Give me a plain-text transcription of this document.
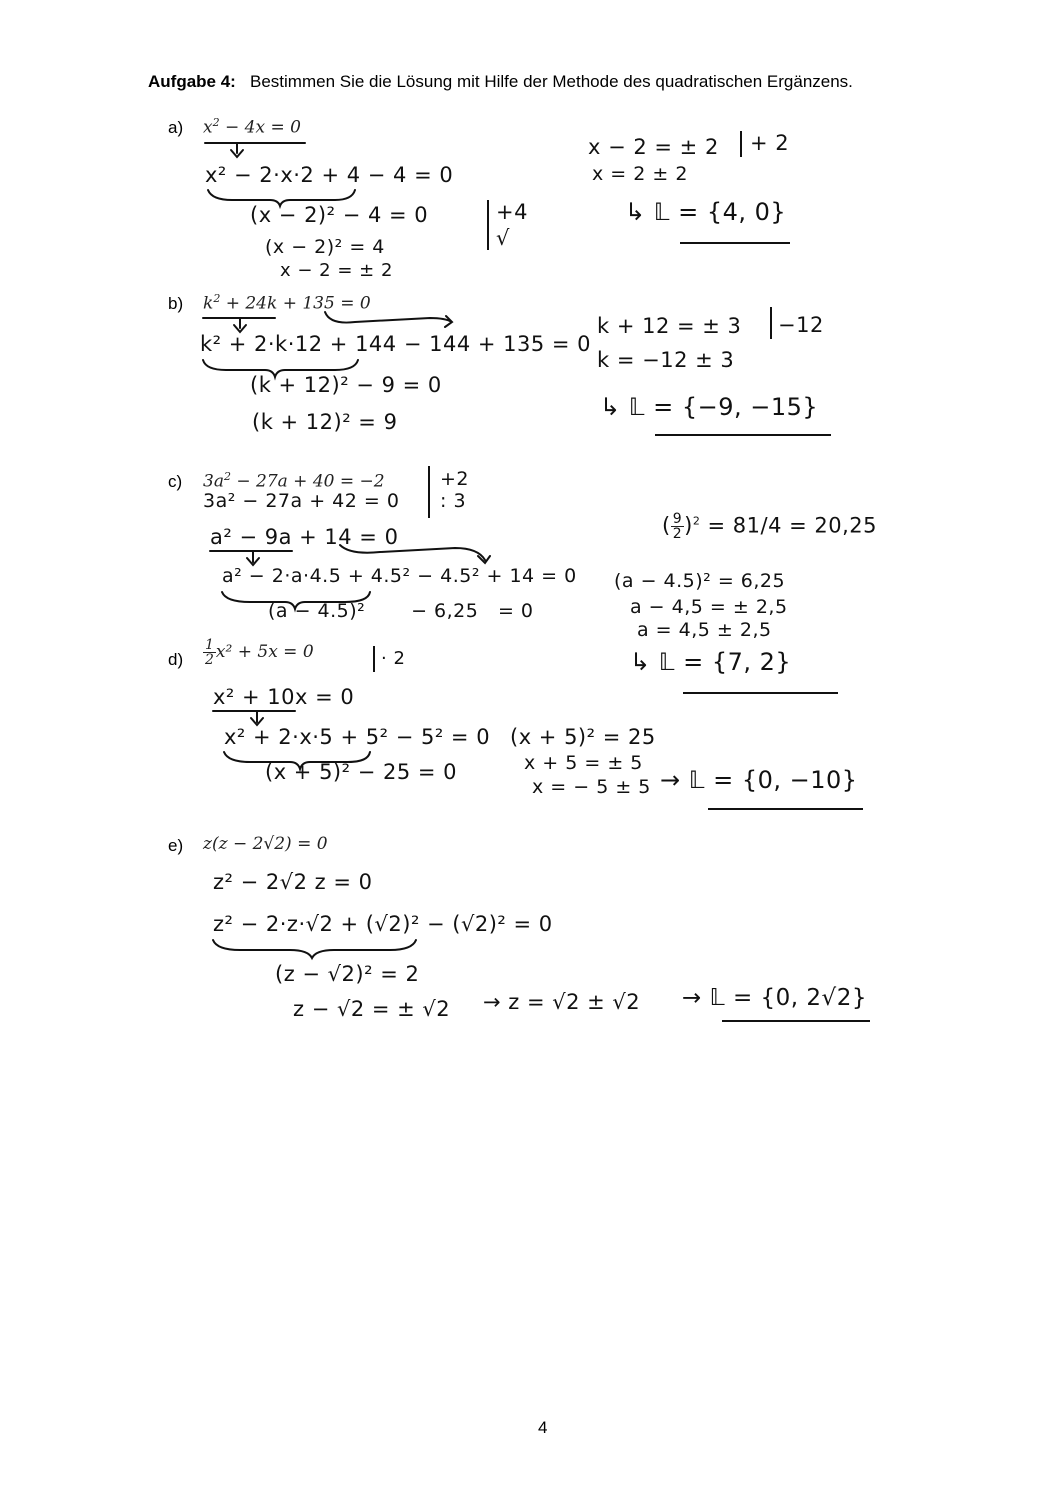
Aufgabe 4: Bestimmen Sie die Lösung mit Hilfe der Methode des quadratischen Ergänzens.
a) $x^2 - 4x = 0$
x² − 2·x·2 + 4 − 4 = 0
(x − 2)² − 4 = 0
(x − 2)² = 4
x − 2 = ± 2
+4
√
x − 2 = ± 2
x = 2 ± 2
+ 2
↳ 𝕃 = {4, 0}
b) $k^2 + 24k + 135 = 0$
k² + 2·k·12 + 144 − 144 + 135 = 0
(k + 12)² − 9 = 0
(k + 12)² = 9
k + 12 = ± 3
k = −12 ± 3
−12
↳ 𝕃 = {−9, −15}
c) $3a^2 - 27a + 40 = -2$	+2
: 3
3a² − 27a + 42 = 0
a² − 9a + 14 = 0
a² − 2·a·4.5 + 4.5² − 4.5² + 14 = 0
(a − 4.5)²       − 6,25   = 0
( $\frac{9}{2} )^2 = 81/4 = 20,25$
(a − 4.5)² = 6,25
a − 4,5 = ± 2,5
a = 4,5 ± 2,5
↳ 𝕃 = {7, 2}
$d) \frac{1}{2} x^2 + 5x = 0$	· 2
x² + 10x = 0
x² + 2·x·5 + 5² − 5² = 0
(x + 5)² − 25 = 0
(x + 5)² = 25
x + 5 = ± 5
x = − 5 ± 5 → 𝕃 = {0, −10}
e) z(z − 2√2) = 0
z² − 2√2 z = 0
z² − 2·z·√2 + (√2)² − (√2)² = 0
(z − √2)² = 2
z − √2 = ± √2 → z = √2 ± √2 → 𝕃 = {0, 2√2}
4
